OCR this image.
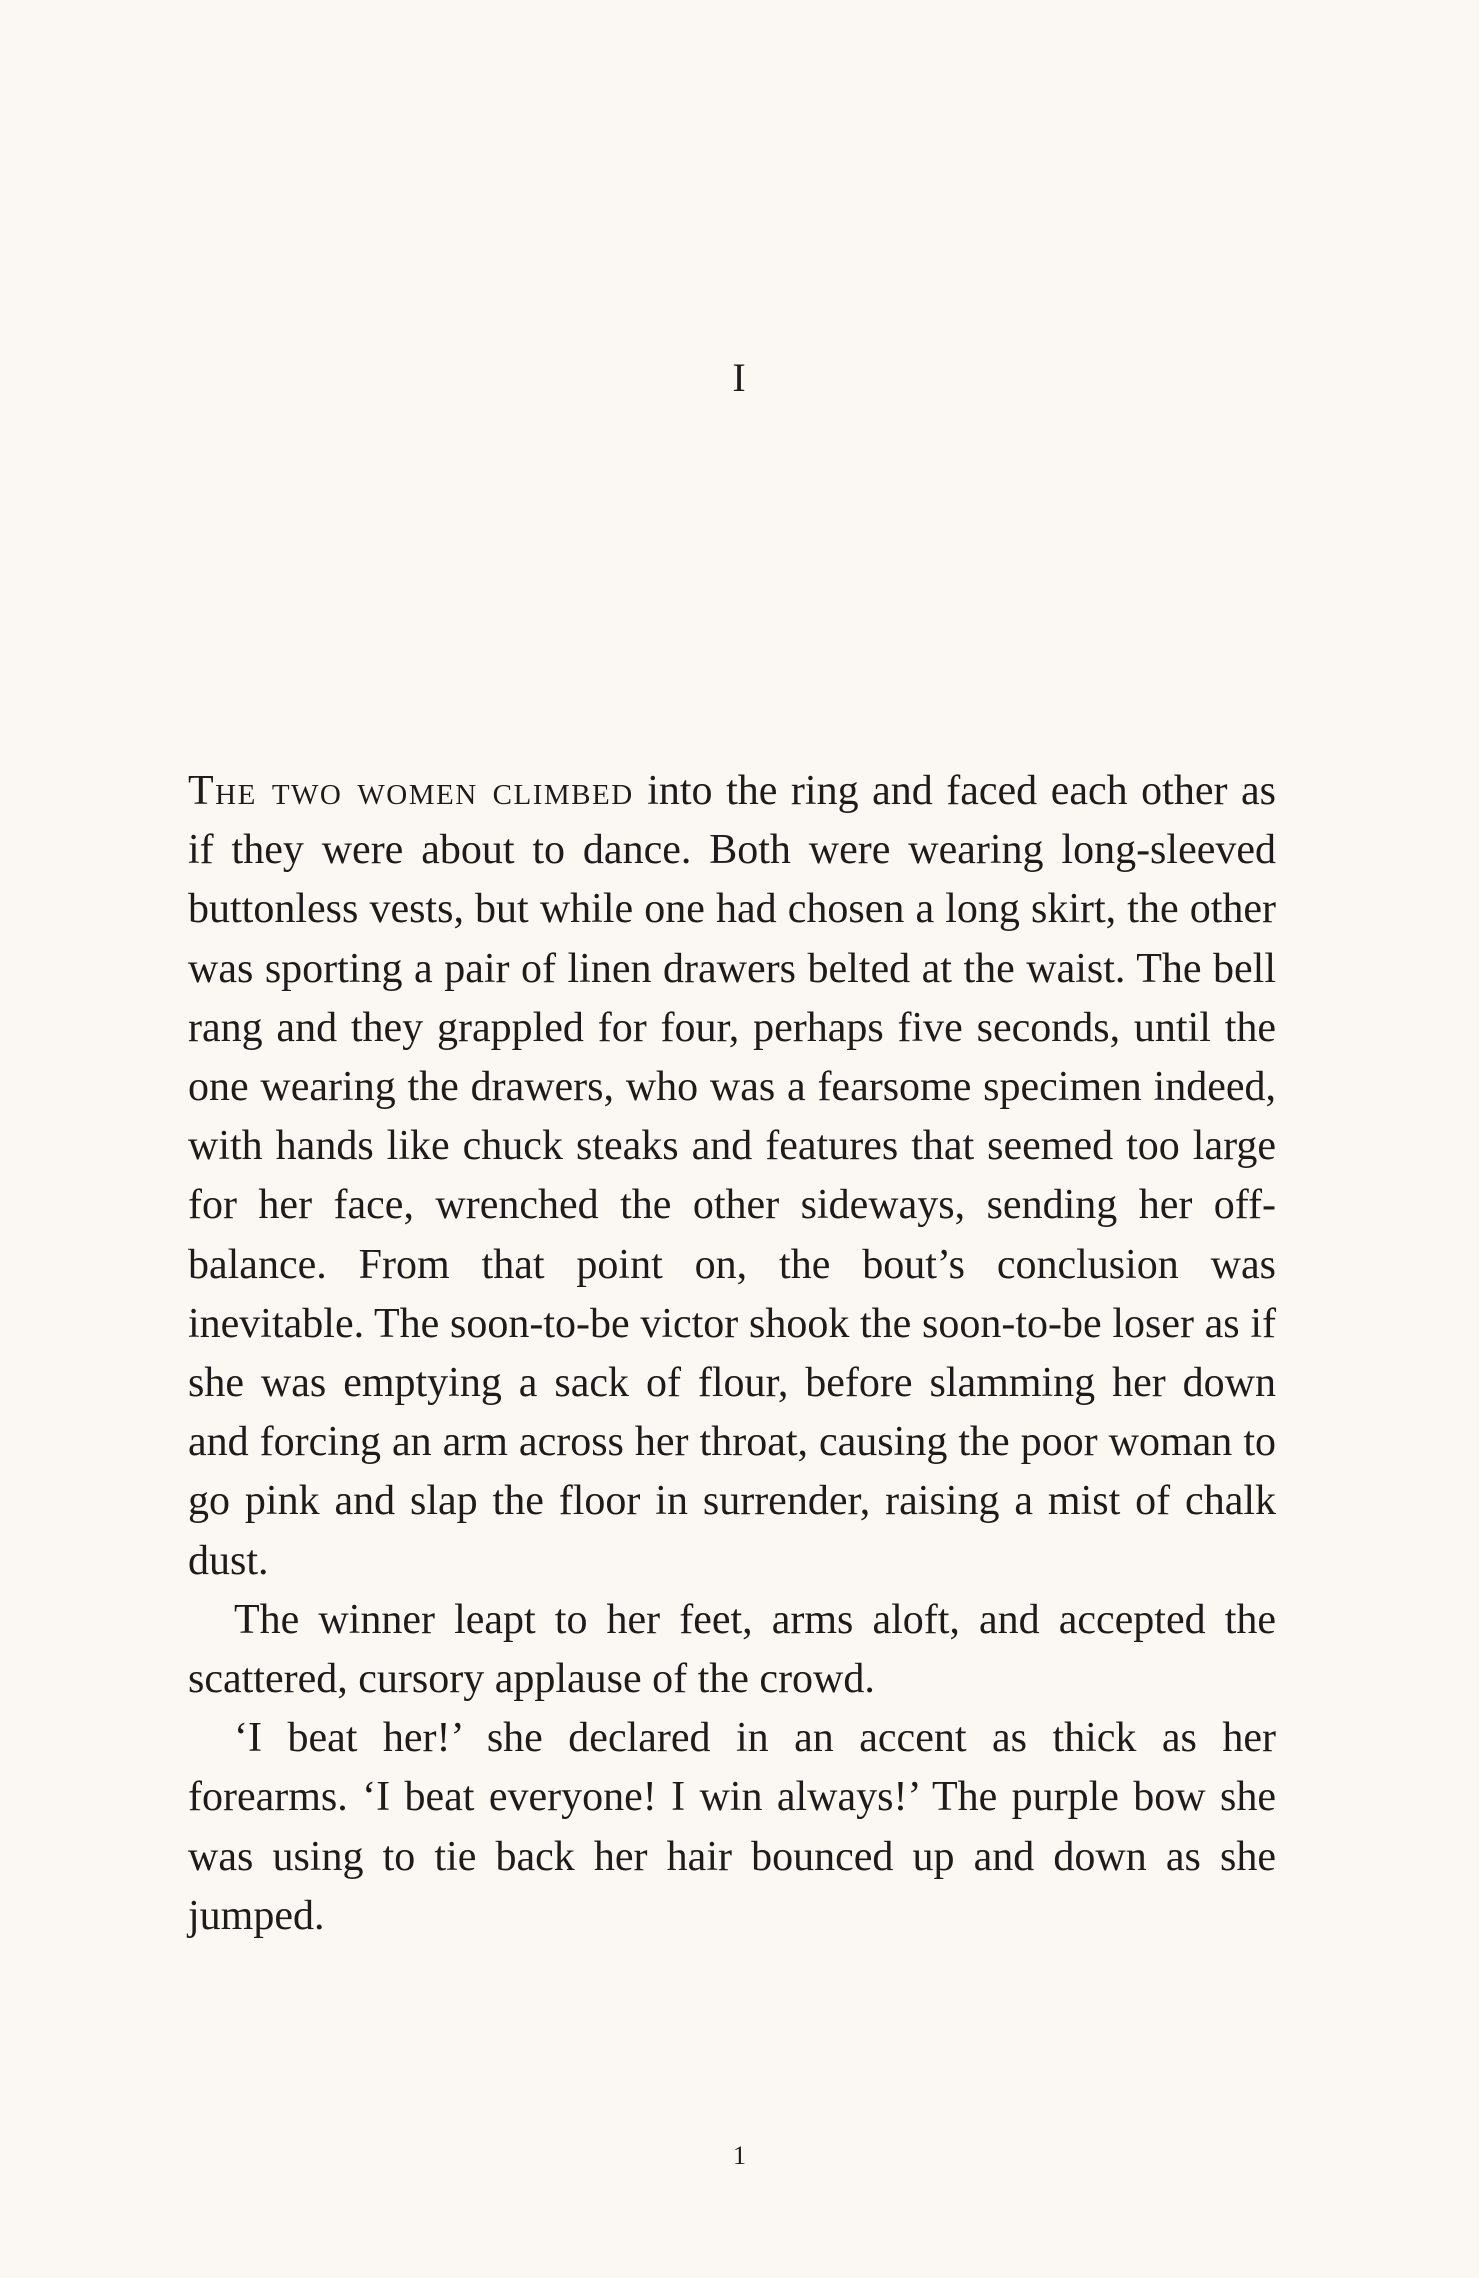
I

The two women climbed into the ring and faced each other as if they were about to dance. Both were wearing long-sleeved buttonless vests, but while one had chosen a long skirt, the other was sporting a pair of linen drawers belted at the waist. The bell rang and they grappled for four, perhaps five seconds, until the one wearing the drawers, who was a fearsome specimen indeed, with hands like chuck steaks and features that seemed too large for her face, wrenched the other sideways, sending her off-balance. From that point on, the bout’s conclusion was inevitable. The soon-to-be victor shook the soon-to-be loser as if she was emptying a sack of flour, before slamming her down and forcing an arm across her throat, causing the poor woman to go pink and slap the floor in surrender, raising a mist of chalk dust.

The winner leapt to her feet, arms aloft, and accepted the scattered, cursory applause of the crowd.

‘I beat her!’ she declared in an accent as thick as her forearms. ‘I beat everyone! I win always!’ The purple bow she was using to tie back her hair bounced up and down as she jumped.

1
